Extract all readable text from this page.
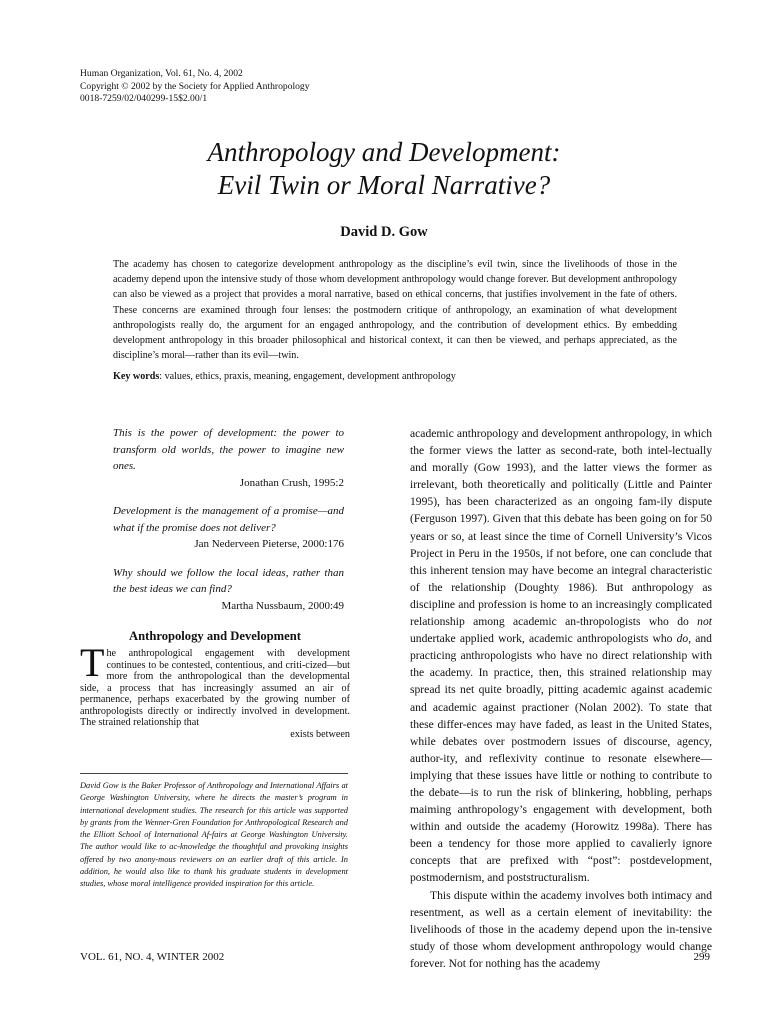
Human Organization, Vol. 61, No. 4, 2002
Copyright © 2002 by the Society for Applied Anthropology
0018-7259/02/040299-15$2.00/1
Anthropology and Development:
Evil Twin or Moral Narrative?
David D. Gow
The academy has chosen to categorize development anthropology as the discipline’s evil twin, since the livelihoods of those in the academy depend upon the intensive study of those whom development anthropology would change forever. But development anthropology can also be viewed as a project that provides a moral narrative, based on ethical concerns, that justifies involvement in the fate of others. These concerns are examined through four lenses: the postmodern critique of anthropology, an examination of what development anthropologists really do, the argument for an engaged anthropology, and the contribution of development ethics. By embedding development anthropology in this broader philosophical and historical context, it can then be viewed, and perhaps appreciated, as the discipline’s moral—rather than its evil—twin.
Key words: values, ethics, praxis, meaning, engagement, development anthropology
This is the power of development: the power to transform old worlds, the power to imagine new ones.
Jonathan Crush, 1995:2
Development is the management of a promise—and what if the promise does not deliver?
Jan Nederveen Pieterse, 2000:176
Why should we follow the local ideas, rather than the best ideas we can find?
Martha Nussbaum, 2000:49
Anthropology and Development
The anthropological engagement with development continues to be contested, contentious, and criti-cized—but more from the anthropological than the developmental side, a process that has increasingly assumed an air of permanence, perhaps exacerbated by the growing number of anthropologists directly or indirectly involved in development. The strained relationship that
exists between
David Gow is the Baker Professor of Anthropology and International Affairs at George Washington University, where he directs the master’s program in international development studies. The research for this article was supported by grants from the Wenner-Gren Foundation for Anthropological Research and the Elliott School of International Af-fairs at George Washington University. The author would like to ac-knowledge the thoughtful and provoking insights offered by two anony-mous reviewers on an earlier draft of this article. In addition, he would also like to thank his graduate students in development studies, whose moral intelligence provided inspiration for this article.

academic anthropology and development anthropology, in which the former views the latter as second-rate, both intel-lectually and morally (Gow 1993), and the latter views the former as irrelevant, both theoretically and politically (Little and Painter 1995), has been characterized as an ongoing fam-ily dispute (Ferguson 1997). Given that this debate has been going on for 50 years or so, at least since the time of Cornell University’s Vicos Project in Peru in the 1950s, if not before, one can conclude that this inherent tension may have become an integral characteristic of the relationship (Doughty 1986). But anthropology as discipline and profession is home to an increasingly complicated relationship among academic an-thropologists who do not undertake applied work, academic anthropologists who do, and practicing anthropologists who have no direct relationship with the academy. In practice, then, this strained relationship may spread its net quite broadly, pitting academic against academic and academic against practioner (Nolan 2002). To state that these differ-ences may have faded, as least in the United States, while debates over postmodern issues of discourse, agency, author-ity, and reflexivity continue to resonate elsewhere—implying that these issues have little or nothing to contribute to the debate—is to run the risk of blinkering, hobbling, perhaps maiming anthropology’s engagement with development, both within and outside the academy (Horowitz 1998a). There has been a tendency for those more applied to cavalierly ignore concepts that are prefixed with “post”: postdevelopment, postmodernism, and poststructuralism.

This dispute within the academy involves both intimacy and resentment, as well as a certain element of inevitability: the livelihoods of those in the academy depend upon the in-tensive study of those whom development anthropology would change forever. Not for nothing has the academy

VOL. 61, NO. 4, WINTER 2002	299
